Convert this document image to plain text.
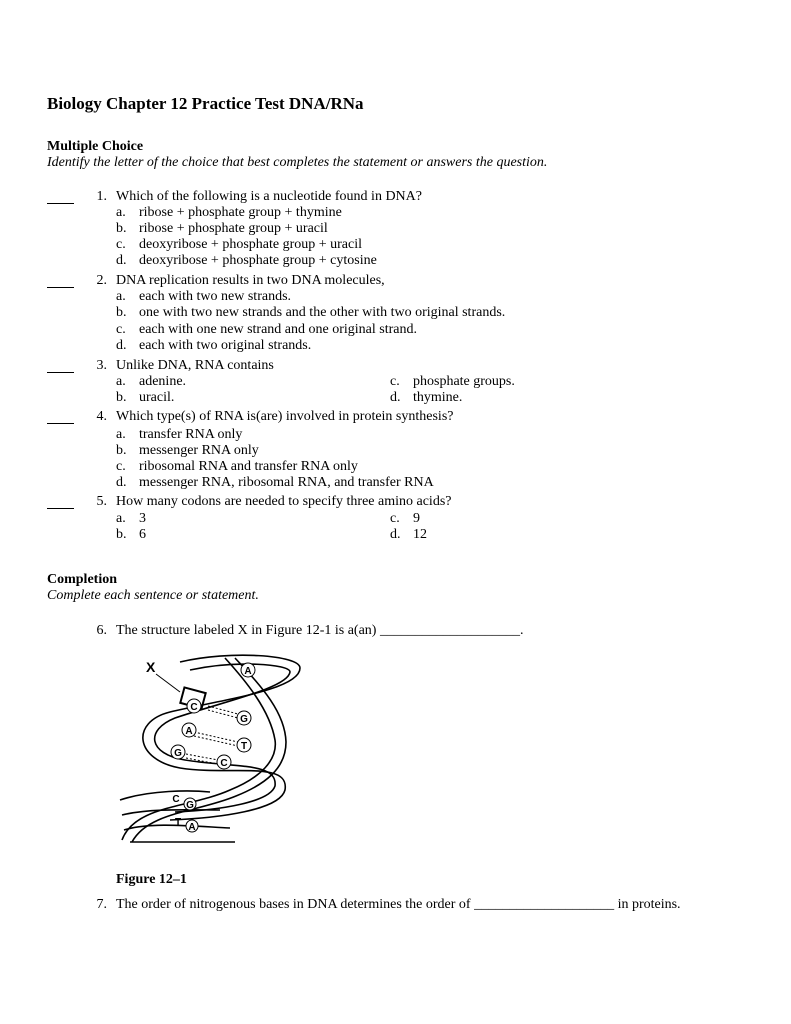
Biology Chapter 12 Practice Test DNA/RNa
Multiple Choice
Identify the letter of the choice that best completes the statement or answers the question.
1. Which of the following is a nucleotide found in DNA?
a. ribose + phosphate group + thymine
b. ribose + phosphate group + uracil
c. deoxyribose + phosphate group + uracil
d. deoxyribose + phosphate group + cytosine
2. DNA replication results in two DNA molecules,
a. each with two new strands.
b. one with two new strands and the other with two original strands.
c. each with one new strand and one original strand.
d. each with two original strands.
3. Unlike DNA, RNA contains
a. adenine.
b. uracil.
c. phosphate groups.
d. thymine.
4. Which type(s) of RNA is(are) involved in protein synthesis?
a. transfer RNA only
b. messenger RNA only
c. ribosomal RNA and transfer RNA only
d. messenger RNA, ribosomal RNA, and transfer RNA
5. How many codons are needed to specify three amino acids?
a. 3
b. 6
c. 9
d. 12
Completion
Complete each sentence or statement.
6. The structure labeled X in Figure 12-1 is a(an) ____________________.
X	A
C
G
A
T
G
C
C
G
T A
Figure 12–1
7. The order of nitrogenous bases in DNA determines the order of ____________________ in proteins.
